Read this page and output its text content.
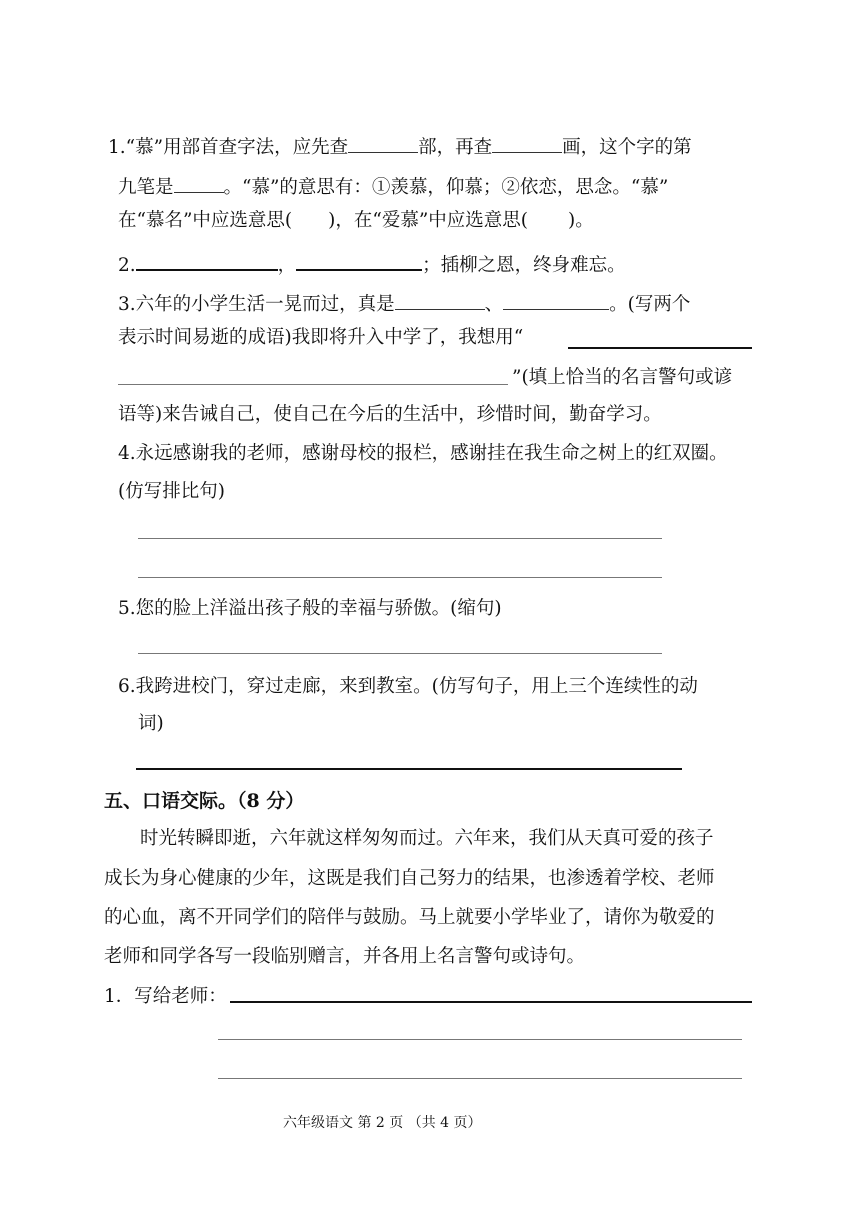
1.“慕”用部首查字法，应先查	部，再查	画，这个字的第
九笔是	。“慕”的意思有：①羡慕，仰慕；②依恋，思念。“慕”
在“慕名”中应选意思( )，在“爱慕”中应选意思( )。
2.	，	；插柳之恩，终身难忘。
3.六年的小学生活一晃而过，真是	、	。(写两个
表示时间易逝的成语)我即将升入中学了，我想用“
”(填上恰当的名言警句或谚
语等)来告诫自己，使自己在今后的生活中，珍惜时间，勤奋学习。
4.永远感谢我的老师，感谢母校的报栏，感谢挂在我生命之树上的红双圈。
(仿写排比句)
5.您的脸上洋溢出孩子般的幸福与骄傲。(缩句)
6.我跨进校门，穿过走廊，来到教室。(仿写句子，用上三个连续性的动
词)
五、口语交际。（8 分）
时光转瞬即逝，六年就这样匆匆而过。六年来，我们从天真可爱的孩子
成长为身心健康的少年，这既是我们自己努力的结果，也渗透着学校、老师
的心血，离不开同学们的陪伴与鼓励。马上就要小学毕业了，请你为敬爱的
老师和同学各写一段临别赠言，并各用上名言警句或诗句。
1．写给老师：
六年级语文 第 2 页 （共 4 页）
